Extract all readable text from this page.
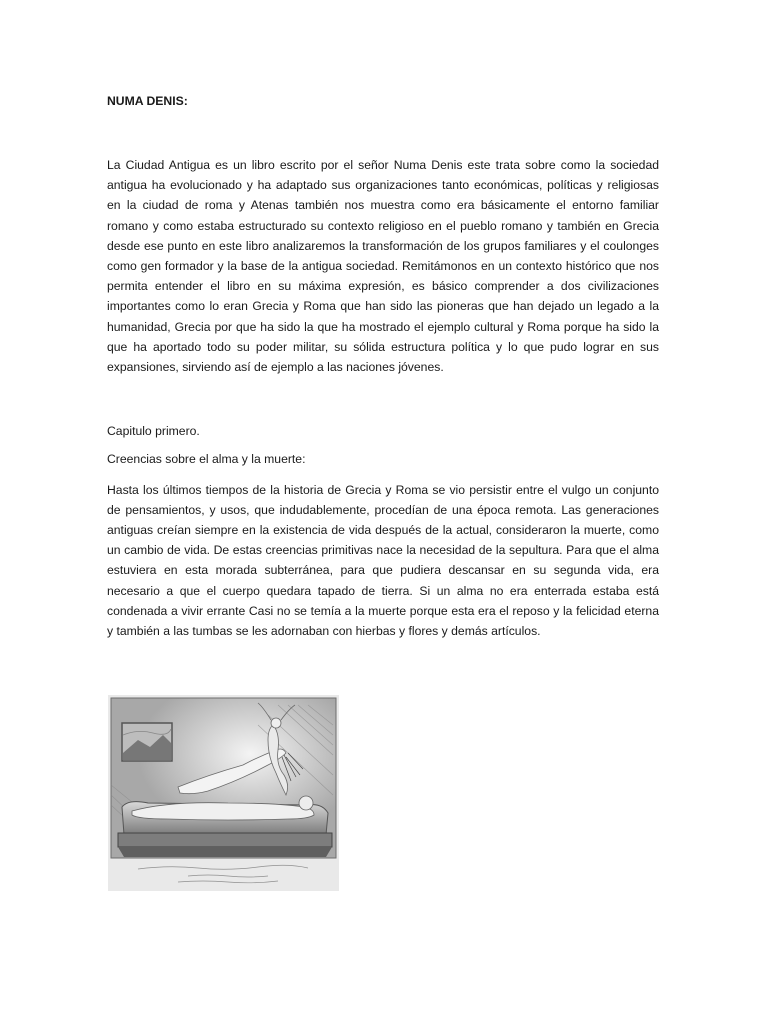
NUMA DENIS:

La Ciudad Antigua es un libro escrito por el señor Numa Denis este trata sobre como la sociedad antigua ha evolucionado y ha adaptado sus organizaciones tanto económicas, políticas y religiosas en la ciudad de roma y Atenas también nos muestra como era básicamente el entorno familiar romano y como estaba estructurado su contexto religioso en el pueblo romano y también en Grecia desde ese punto en este libro analizaremos la transformación de los grupos familiares y el coulonges como gen formador y la base de la antigua sociedad. Remitámonos en un contexto histórico que nos permita entender el libro en su máxima expresión, es básico comprender a dos civilizaciones importantes como lo eran Grecia y Roma que han sido las pioneras que han dejado un legado a la humanidad, Grecia por que ha sido la que ha mostrado el ejemplo cultural y Roma porque ha sido la que ha aportado todo su poder militar, su sólida estructura política y lo que pudo lograr en sus expansiones, sirviendo así de ejemplo a las naciones jóvenes.

Capitulo primero.

Creencias sobre el alma y la muerte:

Hasta los últimos tiempos de la historia de Grecia y Roma se vio persistir entre el vulgo un conjunto de pensamientos, y usos, que indudablemente, procedían de una época remota. Las generaciones antiguas creían siempre en la existencia de vida después de la actual, consideraron la muerte, como un cambio de vida. De estas creencias primitivas nace la necesidad de la sepultura. Para que el alma estuviera en esta morada subterránea, para que pudiera descansar en su segunda vida, era necesario a que el cuerpo quedara tapado de tierra. Si un alma no era enterrada estaba está condenada a vivir errante Casi no se temía a la muerte porque esta era el reposo y la felicidad eterna y también a las tumbas se les adornaban con hierbas y flores y demás artículos.
